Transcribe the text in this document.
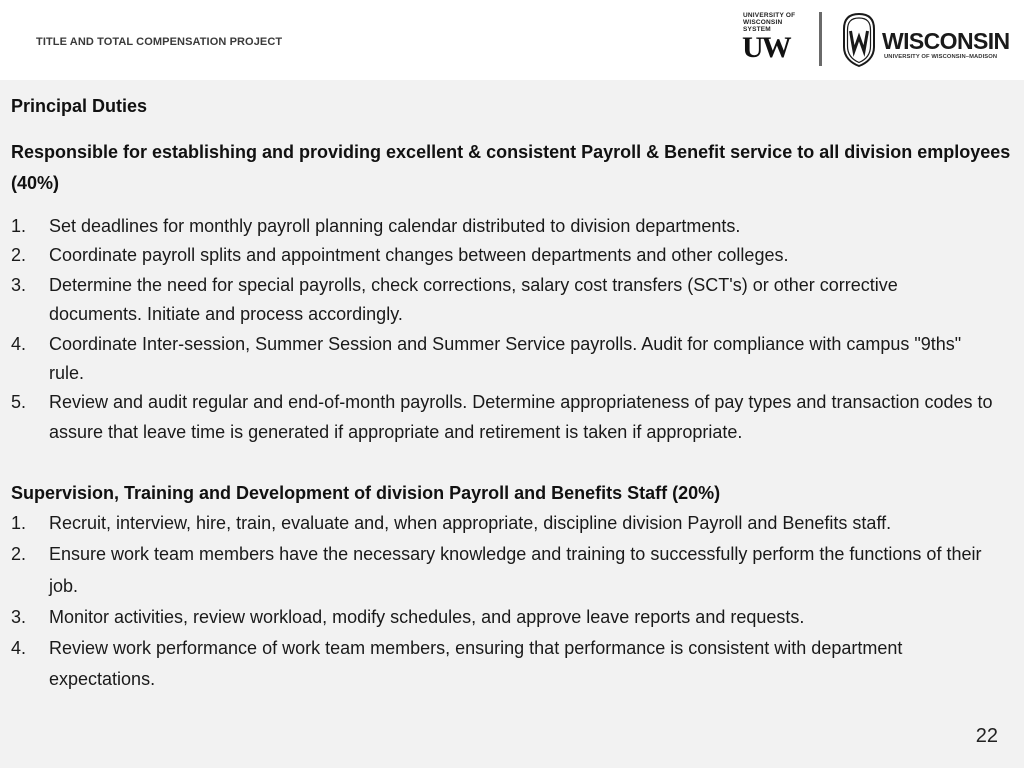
TITLE AND TOTAL COMPENSATION PROJECT
UNIVERSITY OF
WISCONSIN SYSTEM
UW	WISCONSIN
UNIVERSITY OF WISCONSIN–MADISON
Principal Duties
Responsible for establishing and providing excellent & consistent Payroll & Benefit service to all division employees (40%)
1. Set deadlines for monthly payroll planning calendar distributed to division departments.
2. Coordinate payroll splits and appointment changes between departments and other colleges.
3. Determine the need for special payrolls, check corrections, salary cost transfers (SCT's) or other corrective documents. Initiate and process accordingly.
4. Coordinate Inter-session, Summer Session and Summer Service payrolls. Audit for compliance with campus "9ths" rule.
5. Review and audit regular and end-of-month payrolls. Determine appropriateness of pay types and transaction codes to assure that leave time is generated if appropriate and retirement is taken if appropriate.
Supervision, Training and Development of division Payroll and Benefits Staff (20%)
1. Recruit, interview, hire, train, evaluate and, when appropriate, discipline division Payroll and Benefits staff.
2. Ensure work team members have the necessary knowledge and training to successfully perform the functions of their job.
3. Monitor activities, review workload, modify schedules, and approve leave reports and requests.
4. Review work performance of work team members, ensuring that performance is consistent with department expectations.
22
